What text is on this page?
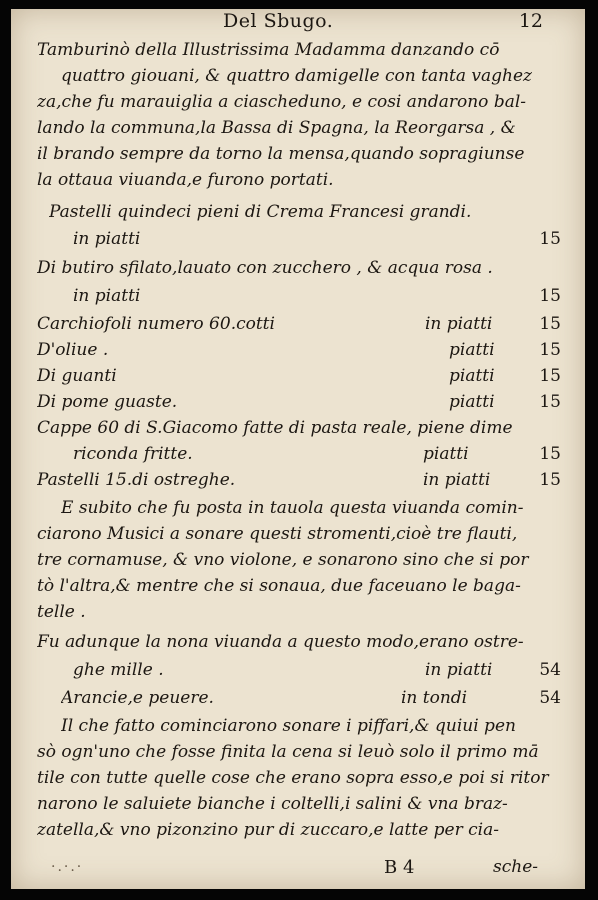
Del Sbugo.	12
Tamburinò della Illustrissima Madamma danzando cō
quattro giouani, & quattro damigelle con tanta vaghez
za,che fu marauiglia a ciascheduno, e cosi andarono bal-
lando la communa,la Bassa di Spagna, la Reorgarsa , &
il brando sempre da torno la mensa,quando sopragiunse
la ottaua viuanda,e furono portati.
Pastelli quindeci pieni di Crema Francesi grandi.
in piatti	15
Di butiro sfilato,lauato con zucchero , & acqua rosa .
in piatti	15
Carchiofoli numero 60.cotti	in piatti	15
D'oliue .	piatti	15
Di guanti	piatti	15
Di pome guaste.	piatti	15
Cappe 60 di S.Giacomo fatte di pasta reale, piene dime
riconda fritte.	piatti	15
Pastelli 15.di ostreghe.	in piatti	15
E subito che fu posta in tauola questa viuanda comin-
ciarono Musici a sonare questi stromenti,cioè tre flauti,
tre cornamuse, & vno violone, e sonarono sino che si por
tò l'altra,& mentre che si sonaua, due faceuano le baga-
telle .
Fu adunque la nona viuanda a questo modo,erano ostre-
ghe mille .	in piatti	54
Arancie,e peuere.	in tondi	54
Il che fatto cominciarono sonare i piffari,& quiui pen
sò ogn'uno che fosse finita la cena si leuò solo il primo mā
tile con tutte quelle cose che erano sopra esso,e poi si ritor
narono le saluiete bianche i coltelli,i salini & vna braz-
zatella,& vno pizonzino pur di zuccaro,e latte per cia-
·.·.·	B 4	sche-
